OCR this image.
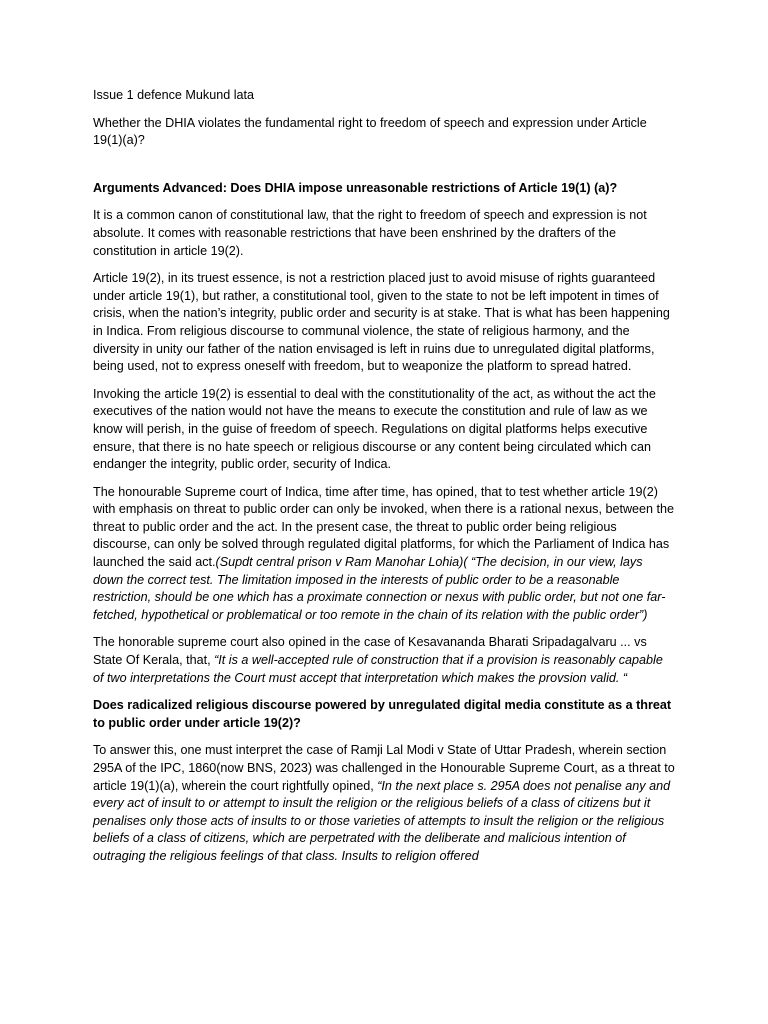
Issue 1 defence Mukund lata

Whether the DHIA violates the fundamental right to freedom of speech and expression under Article 19(1)(a)?

Arguments Advanced: Does DHIA impose unreasonable restrictions of Article 19(1) (a)?

It is a common canon of constitutional law, that the right to freedom of speech and expression is not absolute. It comes with reasonable restrictions that have been enshrined by the drafters of the constitution in article 19(2).

Article 19(2), in its truest essence, is not a restriction placed just to avoid misuse of rights guaranteed under article 19(1), but rather, a constitutional tool, given to the state to not be left impotent in times of crisis, when the nation’s integrity, public order and security is at stake. That is what has been happening in Indica. From religious discourse to communal violence, the state of religious harmony, and the diversity in unity our father of the nation envisaged is left in ruins due to unregulated digital platforms, being used, not to express oneself with freedom, but to weaponize the platform to spread hatred.

Invoking the article 19(2) is essential to deal with the constitutionality of the act, as without the act the executives of the nation would not have the means to execute the constitution and rule of law as we know will perish, in the guise of freedom of speech. Regulations on digital platforms helps executive ensure, that there is no hate speech or religious discourse or any content being circulated which can endanger the integrity, public order, security of Indica.

The honourable Supreme court of Indica, time after time, has opined, that to test whether article 19(2) with emphasis on threat to public order can only be invoked, when there is a rational nexus, between the threat to public order and the act. In the present case, the threat to public order being religious discourse, can only be solved through regulated digital platforms, for which the Parliament of Indica has launched the said act.(Supdt central prison v Ram Manohar Lohia)( “The decision, in our view, lays down the correct test. The limitation imposed in the interests of public order to be a reasonable restriction, should be one which has a proximate connection or nexus with public order, but not one far- fetched, hypothetical or problematical or too remote in the chain of its relation with the public order”)

The honorable supreme court also opined in the case of Kesavananda Bharati Sripadagalvaru ... vs State Of Kerala, that, “It is a well-accepted rule of construction that if a provision is reasonably capable of two interpretations the Court must accept that interpretation which makes the provsion valid. “

Does radicalized religious discourse powered by unregulated digital media constitute as a threat to public order under article 19(2)?

To answer this, one must interpret the case of Ramji Lal Modi v State of Uttar Pradesh, wherein section 295A of the IPC, 1860(now BNS, 2023) was challenged in the Honourable Supreme Court, as a threat to article 19(1)(a), wherein the court rightfully opined, “In the next place s. 295A does not penalise any and every act of insult to or attempt to insult the religion or the religious beliefs of a class of citizens but it penalises only those acts of insults to or those varieties of attempts to insult the religion or the religious beliefs of a class of citizens, which are perpetrated with the deliberate and malicious intention of outraging the religious feelings of that class. Insults to religion offered
